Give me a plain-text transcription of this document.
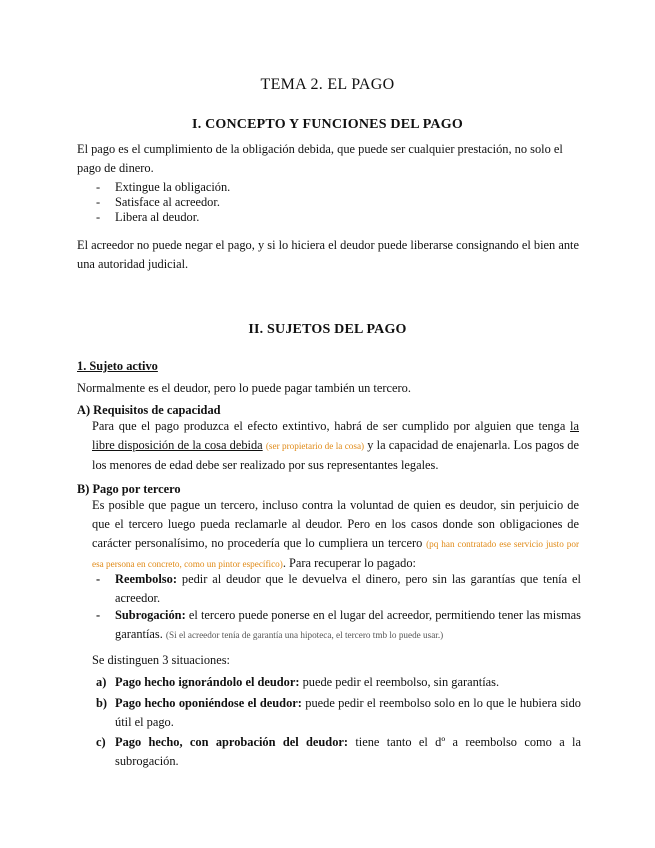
TEMA 2. EL PAGO
I. CONCEPTO Y FUNCIONES DEL PAGO
El pago es el cumplimiento de la obligación debida, que puede ser cualquier prestación, no solo el pago de dinero.
- Extingue la obligación.
- Satisface al acreedor.
- Libera al deudor.
El acreedor no puede negar el pago, y si lo hiciera el deudor puede liberarse consignando el bien ante una autoridad judicial.
II. SUJETOS DEL PAGO
1. Sujeto activo
Normalmente es el deudor, pero lo puede pagar también un tercero.
A) Requisitos de capacidad
Para que el pago produzca el efecto extintivo, habrá de ser cumplido por alguien que tenga la libre disposición de la cosa debida (ser propietario de la cosa) y la capacidad de enajenarla. Los pagos de los menores de edad debe ser realizado por sus representantes legales.
B) Pago por tercero
Es posible que pague un tercero, incluso contra la voluntad de quien es deudor, sin perjuicio de que el tercero luego pueda reclamarle al deudor. Pero en los casos donde son obligaciones de carácter personalísimo, no procedería que lo cumpliera un tercero (pq han contratado ese servicio justo por esa persona en concreto, como un pintor específico). Para recuperar lo pagado:
- Reembolso: pedir al deudor que le devuelva el dinero, pero sin las garantías que tenía el acreedor.
- Subrogación: el tercero puede ponerse en el lugar del acreedor, permitiendo tener las mismas garantías. (Si el acreedor tenía de garantía una hipoteca, el tercero tmb lo puede usar.)
Se distinguen 3 situaciones:
a) Pago hecho ignorándolo el deudor: puede pedir el reembolso, sin garantías.
b) Pago hecho oponiéndose el deudor: puede pedir el reembolso solo en lo que le hubiera sido útil el pago.
c) Pago hecho, con aprobación del deudor: tiene tanto el dº a reembolso como a la subrogación.
